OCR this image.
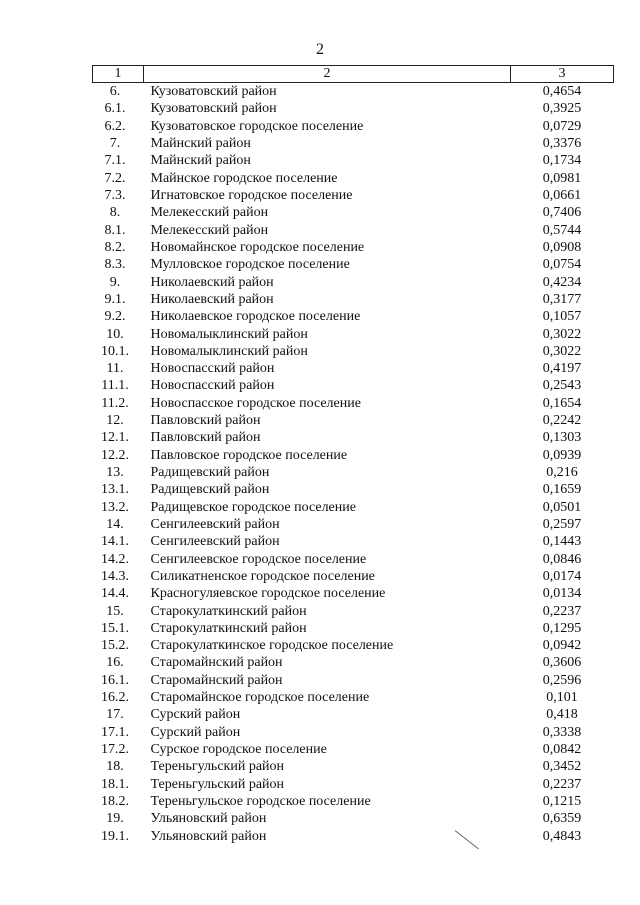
2
1	2	3
6.	Кузоватовский район	0,4654
6.1.	Кузоватовский район	0,3925
6.2.	Кузоватовское городское поселение	0,0729
7.	Майнский район	0,3376
7.1.	Майнский район	0,1734
7.2.	Майнское городское поселение	0,0981
7.3.	Игнатовское городское поселение	0,0661
8.	Мелекесский район	0,7406
8.1.	Мелекесский район	0,5744
8.2.	Новомайнское городское поселение	0,0908
8.3.	Мулловское городское поселение	0,0754
9.	Николаевский район	0,4234
9.1.	Николаевский район	0,3177
9.2.	Николаевское городское поселение	0,1057
10.	Новомалыклинский район	0,3022
10.1.	Новомалыклинский район	0,3022
11.	Новоспасский район	0,4197
11.1.	Новоспасский район	0,2543
11.2.	Новоспасское городское поселение	0,1654
12.	Павловский район	0,2242
12.1.	Павловский район	0,1303
12.2.	Павловское городское поселение	0,0939
13.	Радищевский район	0,216
13.1.	Радищевский район	0,1659
13.2.	Радищевское городское поселение	0,0501
14.	Сенгилеевский район	0,2597
14.1.	Сенгилеевский район	0,1443
14.2.	Сенгилеевское городское поселение	0,0846
14.3.	Силикатненское городское поселение	0,0174
14.4.	Красногуляевское городское поселение	0,0134
15.	Старокулаткинский район	0,2237
15.1.	Старокулаткинский район	0,1295
15.2.	Старокулаткинское городское поселение	0,0942
16.	Старомайнский район	0,3606
16.1.	Старомайнский район	0,2596
16.2.	Старомайнское городское поселение	0,101
17.	Сурский район	0,418
17.1.	Сурский район	0,3338
17.2.	Сурское городское поселение	0,0842
18.	Тереньгульский район	0,3452
18.1.	Тереньгульский район	0,2237
18.2.	Тереньгульское городское поселение	0,1215
19.	Ульяновский район	0,6359
19.1.	Ульяновский район	0,4843
